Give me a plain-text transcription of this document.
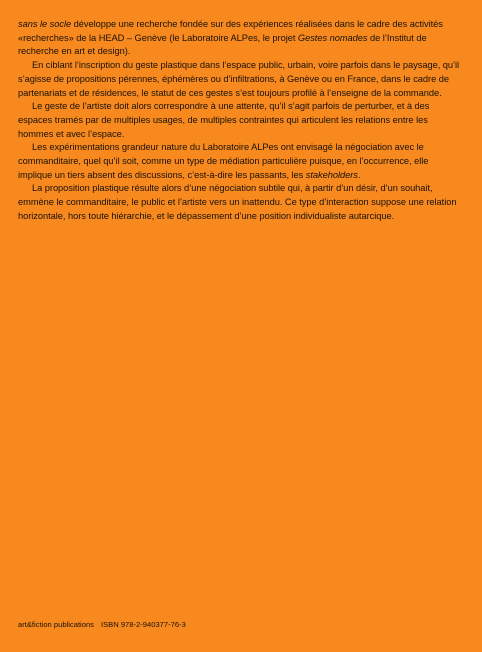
sans le socle développe une recherche fondée sur des expériences réalisées dans le cadre des activités «recherches» de la HEAD – Genève (le Laboratoire ALPes, le projet Gestes nomades de l’Institut de recherche en art et design).

En ciblant l’inscription du geste plastique dans l’espace public, urbain, voire parfois dans le paysage, qu’il s’agisse de propositions pérennes, éphémères ou d’infiltrations, à Genève ou en France, dans le cadre de partenariats et de résidences, le statut de ces gestes s’est toujours profilé à l’enseigne de la commande.

Le geste de l’artiste doit alors correspondre à une attente, qu’il s’agit parfois de perturber, et à des espaces tramés par de multiples usages, de multiples contraintes qui articulent les relations entre les hommes et avec l’espace.

Les expérimentations grandeur nature du Laboratoire ALPes ont envisagé la négociation avec le commanditaire, quel qu’il soit, comme un type de médiation particulière puisque, en l’occurrence, elle implique un tiers absent des discussions, c’est-à-dire les passants, les stakeholders.

La proposition plastique résulte alors d’une négociation subtile qui, à partir d’un désir, d’un souhait, emmène le commanditaire, le public et l’artiste vers un inattendu. Ce type d’interaction suppose une relation horizontale, hors toute hiérarchie, et le dépassement d’une position individualiste autarcique.

art&fiction publications ISBN 978-2-940377-76-3
